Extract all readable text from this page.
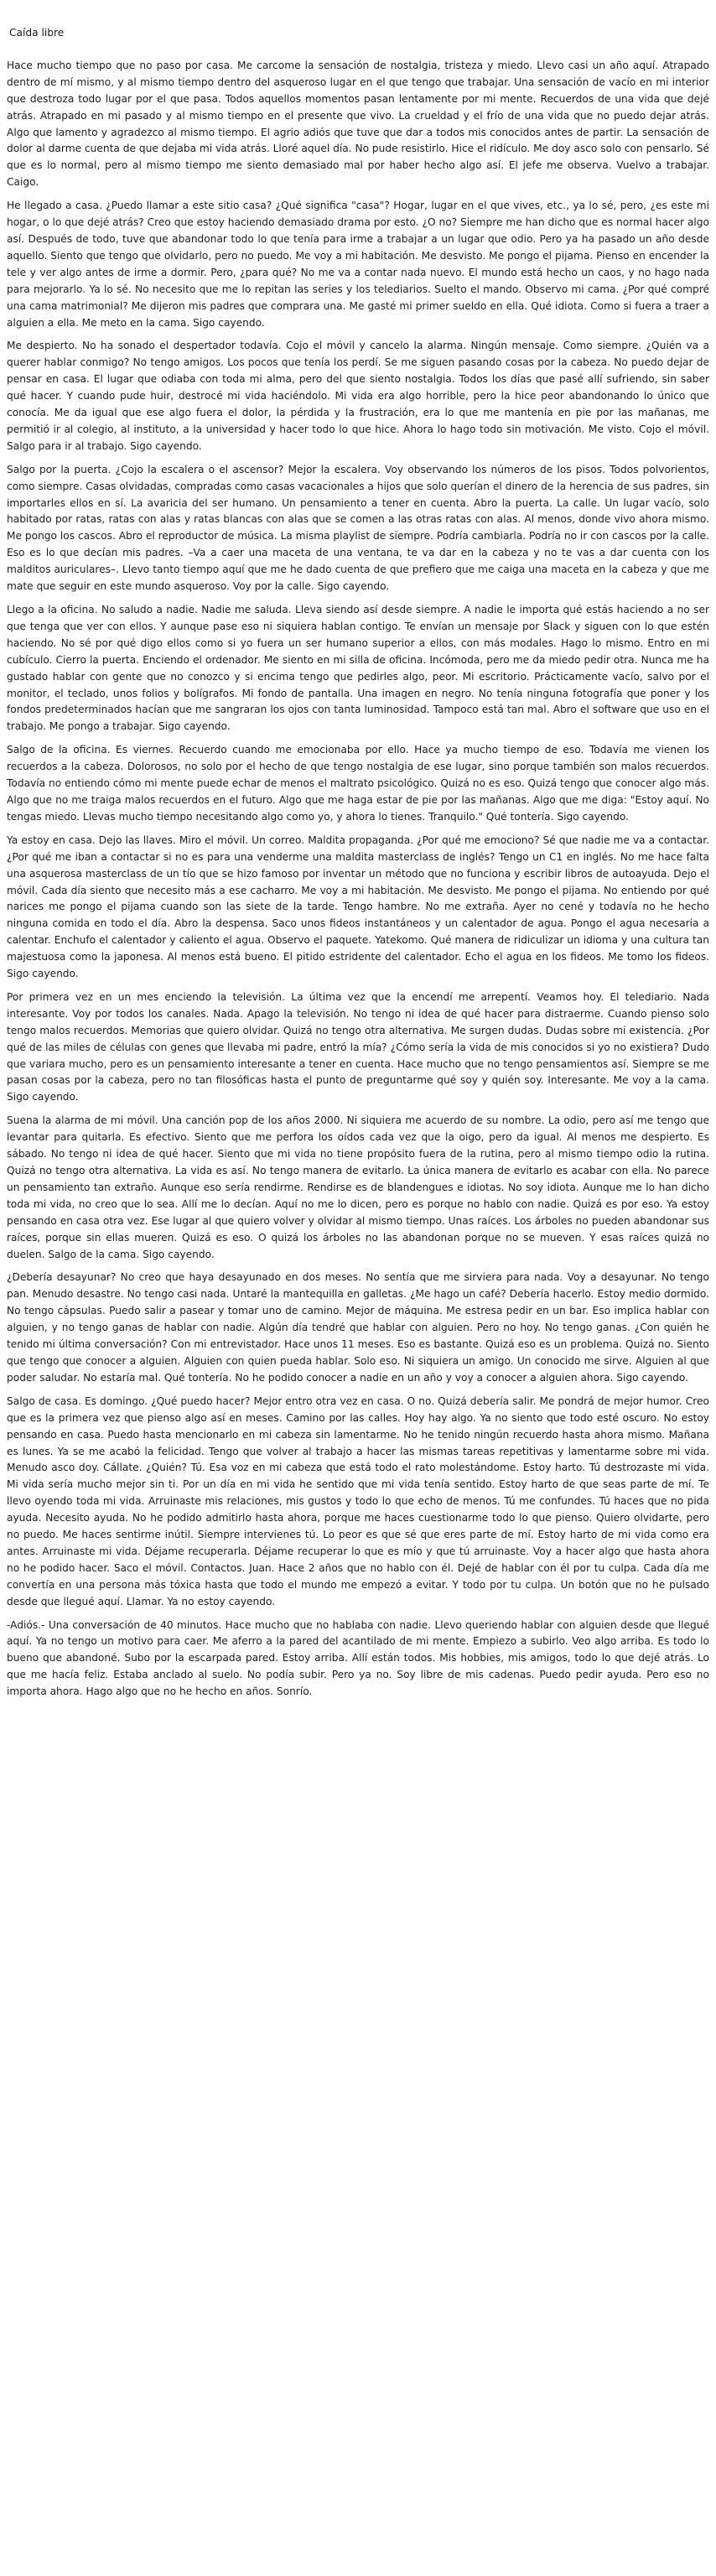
Caída libre

Hace mucho tiempo que no paso por casa. Me carcome la sensación de nostalgia, tristeza y miedo. Llevo casi un año aquí. Atrapado dentro de mí mismo, y al mismo tiempo dentro del asqueroso lugar en el que tengo que trabajar. Una sensación de vacío en mi interior que destroza todo lugar por el que pasa. Todos aquellos momentos pasan lentamente por mi mente. Recuerdos de una vida que dejé atrás. Atrapado en mi pasado y al mismo tiempo en el presente que vivo. La crueldad y el frío de una vida que no puedo dejar atrás. Algo que lamento y agradezco al mismo tiempo. El agrio adiós que tuve que dar a todos mis conocidos antes de partir. La sensación de dolor al darme cuenta de que dejaba mi vida atrás. Lloré aquel día. No pude resistirlo. Hice el ridículo. Me doy asco solo con pensarlo. Sé que es lo normal, pero al mismo tiempo me siento demasiado mal por haber hecho algo así. El jefe me observa. Vuelvo a trabajar. Caigo.

He llegado a casa. ¿Puedo llamar a este sitio casa? ¿Qué significa "casa"? Hogar, lugar en el que vives, etc., ya lo sé, pero, ¿es este mi hogar, o lo que dejé atrás? Creo que estoy haciendo demasiado drama por esto. ¿O no? Siempre me han dicho que es normal hacer algo así. Después de todo, tuve que abandonar todo lo que tenía para irme a trabajar a un lugar que odio. Pero ya ha pasado un año desde aquello. Siento que tengo que olvidarlo, pero no puedo. Me voy a mi habitación. Me desvisto. Me pongo el pijama. Pienso en encender la tele y ver algo antes de irme a dormir. Pero, ¿para qué? No me va a contar nada nuevo. El mundo está hecho un caos, y no hago nada para mejorarlo. Ya lo sé. No necesito que me lo repitan las series y los telediarios. Suelto el mando. Observo mi cama. ¿Por qué compré una cama matrimonial? Me dijeron mis padres que comprara una. Me gasté mi primer sueldo en ella. Qué idiota. Como si fuera a traer a alguien a ella. Me meto en la cama. Sigo cayendo.

Me despierto. No ha sonado el despertador todavía. Cojo el móvil y cancelo la alarma. Ningún mensaje. Como siempre. ¿Quién va a querer hablar conmigo? No tengo amigos. Los pocos que tenía los perdí. Se me siguen pasando cosas por la cabeza. No puedo dejar de pensar en casa. El lugar que odiaba con toda mi alma, pero del que siento nostalgia. Todos los días que pasé allí sufriendo, sin saber qué hacer. Y cuando pude huir, destrocé mi vida haciéndolo. Mi vida era algo horrible, pero la hice peor abandonando lo único que conocía. Me da igual que ese algo fuera el dolor, la pérdida y la frustración, era lo que me mantenía en pie por las mañanas, me permitió ir al colegio, al instituto, a la universidad y hacer todo lo que hice. Ahora lo hago todo sin motivación. Me visto. Cojo el móvil. Salgo para ir al trabajo. Sigo cayendo.

Salgo por la puerta. ¿Cojo la escalera o el ascensor? Mejor la escalera. Voy observando los números de los pisos. Todos polvorientos, como siempre. Casas olvidadas, compradas como casas vacacionales a hijos que solo querían el dinero de la herencia de sus padres, sin importarles ellos en sí. La avaricia del ser humano. Un pensamiento a tener en cuenta. Abro la puerta. La calle. Un lugar vacío, solo habitado por ratas, ratas con alas y ratas blancas con alas que se comen a las otras ratas con alas. Al menos, donde vivo ahora mismo. Me pongo los cascos. Abro el reproductor de música. La misma playlist de siempre. Podría cambiarla. Podría no ir con cascos por la calle. Eso es lo que decían mis padres. –Va a caer una maceta de una ventana, te va dar en la cabeza y no te vas a dar cuenta con los malditos auriculares–. Llevo tanto tiempo aquí que me he dado cuenta de que prefiero que me caiga una maceta en la cabeza y que me mate que seguir en este mundo asqueroso. Voy por la calle. Sigo cayendo.

Llego a la oficina. No saludo a nadie. Nadie me saluda. Lleva siendo así desde siempre. A nadie le importa qué estás haciendo a no ser que tenga que ver con ellos. Y aunque pase eso ni siquiera hablan contigo. Te envían un mensaje por Slack y siguen con lo que estén haciendo. No sé por qué digo ellos como si yo fuera un ser humano superior a ellos, con más modales. Hago lo mismo. Entro en mi cubículo. Cierro la puerta. Enciendo el ordenador. Me siento en mi silla de oficina. Incómoda, pero me da miedo pedir otra. Nunca me ha gustado hablar con gente que no conozco y si encima tengo que pedirles algo, peor. Mi escritorio. Prácticamente vacío, salvo por el monitor, el teclado, unos folios y bolígrafos. Mi fondo de pantalla. Una imagen en negro. No tenía ninguna fotografía que poner y los fondos predeterminados hacían que me sangraran los ojos con tanta luminosidad. Tampoco está tan mal. Abro el software que uso en el trabajo. Me pongo a trabajar. Sigo cayendo.

Salgo de la oficina. Es viernes. Recuerdo cuando me emocionaba por ello. Hace ya mucho tiempo de eso. Todavía me vienen los recuerdos a la cabeza. Dolorosos, no solo por el hecho de que tengo nostalgia de ese lugar, sino porque también son malos recuerdos. Todavía no entiendo cómo mi mente puede echar de menos el maltrato psicológico. Quizá no es eso. Quizá tengo que conocer algo más. Algo que no me traiga malos recuerdos en el futuro. Algo que me haga estar de pie por las mañanas. Algo que me diga: "Estoy aquí. No tengas miedo. Llevas mucho tiempo necesitando algo como yo, y ahora lo tienes. Tranquilo." Qué tontería. Sigo cayendo.

Ya estoy en casa. Dejo las llaves. Miro el móvil. Un correo. Maldita propaganda. ¿Por qué me emociono? Sé que nadie me va a contactar. ¿Por qué me iban a contactar si no es para una venderme una maldita masterclass de inglés? Tengo un C1 en inglés. No me hace falta una asquerosa masterclass de un tío que se hizo famoso por inventar un método que no funciona y escribir libros de autoayuda. Dejo el móvil. Cada día siento que necesito más a ese cacharro. Me voy a mi habitación. Me desvisto. Me pongo el pijama. No entiendo por qué narices me pongo el pijama cuando son las siete de la tarde. Tengo hambre. No me extraña. Ayer no cené y todavía no he hecho ninguna comida en todo el día. Abro la despensa. Saco unos fideos instantáneos y un calentador de agua. Pongo el agua necesaria a calentar. Enchufo el calentador y caliento el agua. Observo el paquete. Yatekomo. Qué manera de ridiculizar un idioma y una cultura tan majestuosa como la japonesa. Al menos está bueno. El pitido estridente del calentador. Echo el agua en los fideos. Me tomo los fideos. Sigo cayendo.

Por primera vez en un mes enciendo la televisión. La última vez que la encendí me arrepentí. Veamos hoy. El telediario. Nada interesante. Voy por todos los canales. Nada. Apago la televisión. No tengo ni idea de qué hacer para distraerme. Cuando pienso solo tengo malos recuerdos. Memorias que quiero olvidar. Quizá no tengo otra alternativa. Me surgen dudas. Dudas sobre mi existencia. ¿Por qué de las miles de células con genes que llevaba mi padre, entró la mía? ¿Cómo sería la vida de mis conocidos si yo no existiera? Dudo que variara mucho, pero es un pensamiento interesante a tener en cuenta. Hace mucho que no tengo pensamientos así. Siempre se me pasan cosas por la cabeza, pero no tan filosóficas hasta el punto de preguntarme qué soy y quién soy. Interesante. Me voy a la cama. Sigo cayendo.

Suena la alarma de mi móvil. Una canción pop de los años 2000. Ni siquiera me acuerdo de su nombre. La odio, pero así me tengo que levantar para quitarla. Es efectivo. Siento que me perfora los oídos cada vez que la oigo, pero da igual. Al menos me despierto. Es sábado. No tengo ni idea de qué hacer. Siento que mi vida no tiene propósito fuera de la rutina, pero al mismo tiempo odio la rutina. Quizá no tengo otra alternativa. La vida es así. No tengo manera de evitarlo. La única manera de evitarlo es acabar con ella. No parece un pensamiento tan extraño. Aunque eso sería rendirme. Rendirse es de blandengues e idiotas. No soy idiota. Aunque me lo han dicho toda mi vida, no creo que lo sea. Allí me lo decían. Aquí no me lo dicen, pero es porque no hablo con nadie. Quizá es por eso. Ya estoy pensando en casa otra vez. Ese lugar al que quiero volver y olvidar al mismo tiempo. Unas raíces. Los árboles no pueden abandonar sus raíces, porque sin ellas mueren. Quizá es eso. O quizá los árboles no las abandonan porque no se mueven. Y esas raíces quizá no duelen. Salgo de la cama. Sigo cayendo.

¿Debería desayunar? No creo que haya desayunado en dos meses. No sentía que me sirviera para nada. Voy a desayunar. No tengo pan. Menudo desastre. No tengo casi nada. Untaré la mantequilla en galletas. ¿Me hago un café? Debería hacerlo. Estoy medio dormido. No tengo cápsulas. Puedo salir a pasear y tomar uno de camino. Mejor de máquina. Me estresa pedir en un bar. Eso implica hablar con alguien, y no tengo ganas de hablar con nadie. Algún día tendré que hablar con alguien. Pero no hoy. No tengo ganas. ¿Con quién he tenido mi última conversación? Con mi entrevistador. Hace unos 11 meses. Eso es bastante. Quizá eso es un problema. Quizá no. Siento que tengo que conocer a alguien. Alguien con quien pueda hablar. Solo eso. Ni siquiera un amigo. Un conocido me sirve. Alguien al que poder saludar. No estaría mal. Qué tontería. No he podido conocer a nadie en un año y voy a conocer a alguien ahora. Sigo cayendo.

Salgo de casa. Es domingo. ¿Qué puedo hacer? Mejor entro otra vez en casa. O no. Quizá debería salir. Me pondrá de mejor humor. Creo que es la primera vez que pienso algo así en meses. Camino por las calles. Hoy hay algo. Ya no siento que todo esté oscuro. No estoy pensando en casa. Puedo hasta mencionarlo en mi cabeza sin lamentarme. No he tenido ningún recuerdo hasta ahora mismo. Mañana es lunes. Ya se me acabó la felicidad. Tengo que volver al trabajo a hacer las mismas tareas repetitivas y lamentarme sobre mi vida. Menudo asco doy. Cállate. ¿Quién? Tú. Esa voz en mi cabeza que está todo el rato molestándome. Estoy harto. Tú destrozaste mi vida. Mi vida sería mucho mejor sin ti. Por un día en mi vida he sentido que mi vida tenía sentido. Estoy harto de que seas parte de mí. Te llevo oyendo toda mi vida. Arruinaste mis relaciones, mis gustos y todo lo que echo de menos. Tú me confundes. Tú haces que no pida ayuda. Necesito ayuda. No he podido admitirlo hasta ahora, porque me haces cuestionarme todo lo que pienso. Quiero olvidarte, pero no puedo. Me haces sentirme inútil. Siempre intervienes tú. Lo peor es que sé que eres parte de mí. Estoy harto de mi vida como era antes. Arruinaste mi vida. Déjame recuperarla. Déjame recuperar lo que es mío y que tú arruinaste. Voy a hacer algo que hasta ahora no he podido hacer. Saco el móvil. Contactos. Juan. Hace 2 años que no hablo con él. Dejé de hablar con él por tu culpa. Cada día me convertía en una persona más tóxica hasta que todo el mundo me empezó a evitar. Y todo por tu culpa. Un botón que no he pulsado desde que llegué aquí. Llamar. Ya no estoy cayendo.

-Adiós.- Una conversación de 40 minutos. Hace mucho que no hablaba con nadie. Llevo queriendo hablar con alguien desde que llegué aquí. Ya no tengo un motivo para caer. Me aferro a la pared del acantilado de mi mente. Empiezo a subirlo. Veo algo arriba. Es todo lo bueno que abandoné. Subo por la escarpada pared. Estoy arriba. Allí están todos. Mis hobbies, mis amigos, todo lo que dejé atrás. Lo que me hacía feliz. Estaba anclado al suelo. No podía subir. Pero ya no. Soy libre de mis cadenas. Puedo pedir ayuda. Pero eso no importa ahora. Hago algo que no he hecho en años. Sonrío.
